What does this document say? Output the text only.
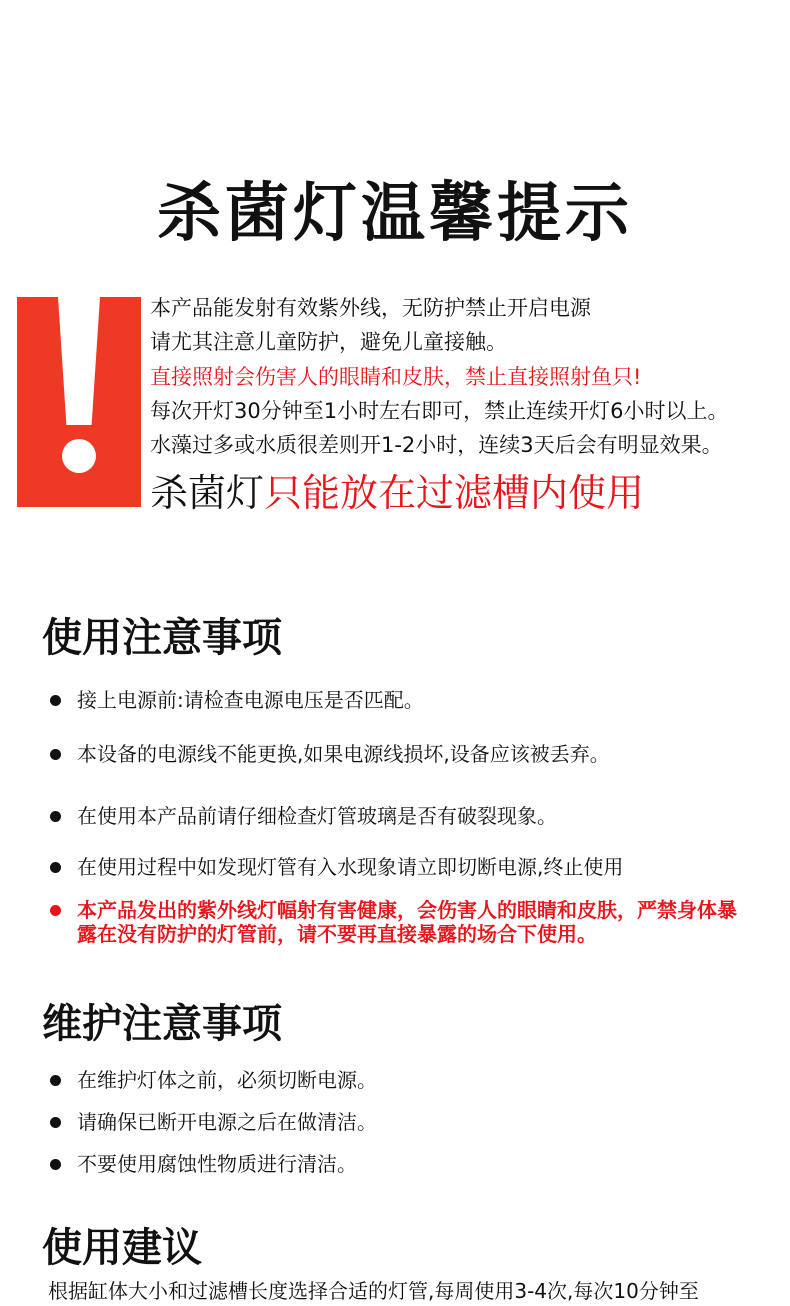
杀菌灯温馨提示
本产品能发射有效紫外线，无防护禁止开启电源
请尤其注意儿童防护，避免儿童接触。
直接照射会伤害人的眼睛和皮肤，禁止直接照射鱼只!
每次开灯30分钟至1小时左右即可，禁止连续开灯6小时以上。
水藻过多或水质很差则开1-2小时，连续3天后会有明显效果。
杀菌灯只能放在过滤槽内使用
使用注意事项
接上电源前:请检查电源电压是否匹配。
本设备的电源线不能更换,如果电源线损坏,设备应该被丢弃。
在使用本产品前请仔细检查灯管玻璃是否有破裂现象。
在使用过程中如发现灯管有入水现象请立即切断电源,终止使用
本产品发出的紫外线灯幅射有害健康，会伤害人的眼睛和皮肤，严禁身体暴露在没有防护的灯管前，请不要再直接暴露的场合下使用。
维护注意事项
在维护灯体之前，必须切断电源。
请确保已断开电源之后在做清洁。
不要使用腐蚀性物质进行清洁。
使用建议
根据缸体大小和过滤槽长度选择合适的灯管,每周使用3-4次,每次10分钟至
